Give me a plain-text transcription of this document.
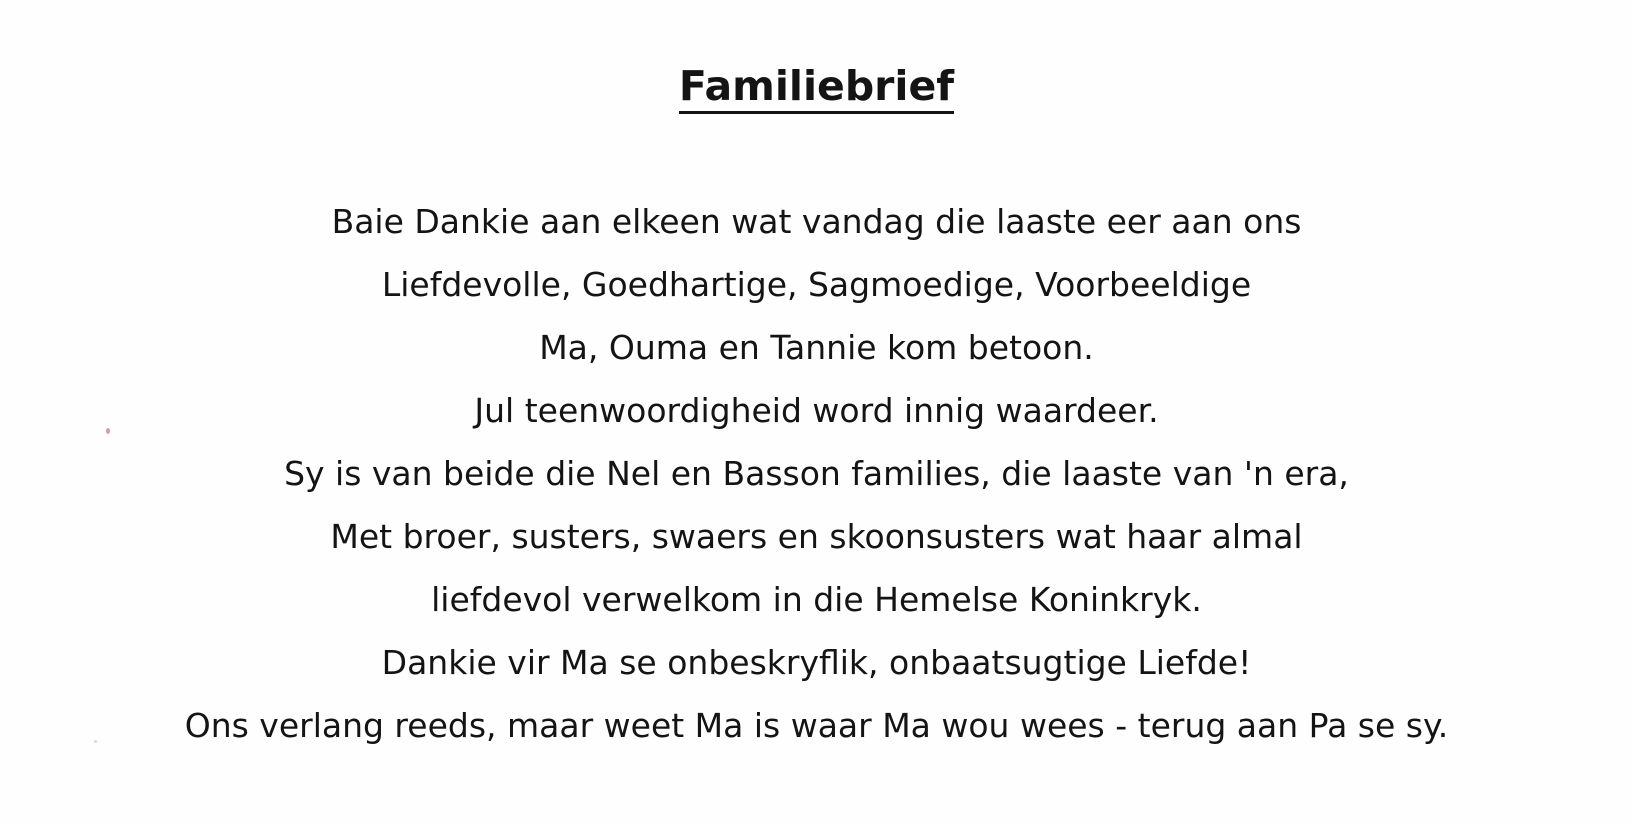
Familiebrief
Baie Dankie aan elkeen wat vandag die laaste eer aan ons
Liefdevolle, Goedhartige, Sagmoedige, Voorbeeldige
Ma, Ouma en Tannie kom betoon.
Jul teenwoordigheid word innig waardeer.
Sy is van beide die Nel en Basson families, die laaste van 'n era,
Met broer, susters, swaers en skoonsusters wat haar almal
liefdevol verwelkom in die Hemelse Koninkryk.
Dankie vir Ma se onbeskryflik, onbaatsugtige Liefde!
Ons verlang reeds, maar weet Ma is waar Ma wou wees - terug aan Pa se sy.
